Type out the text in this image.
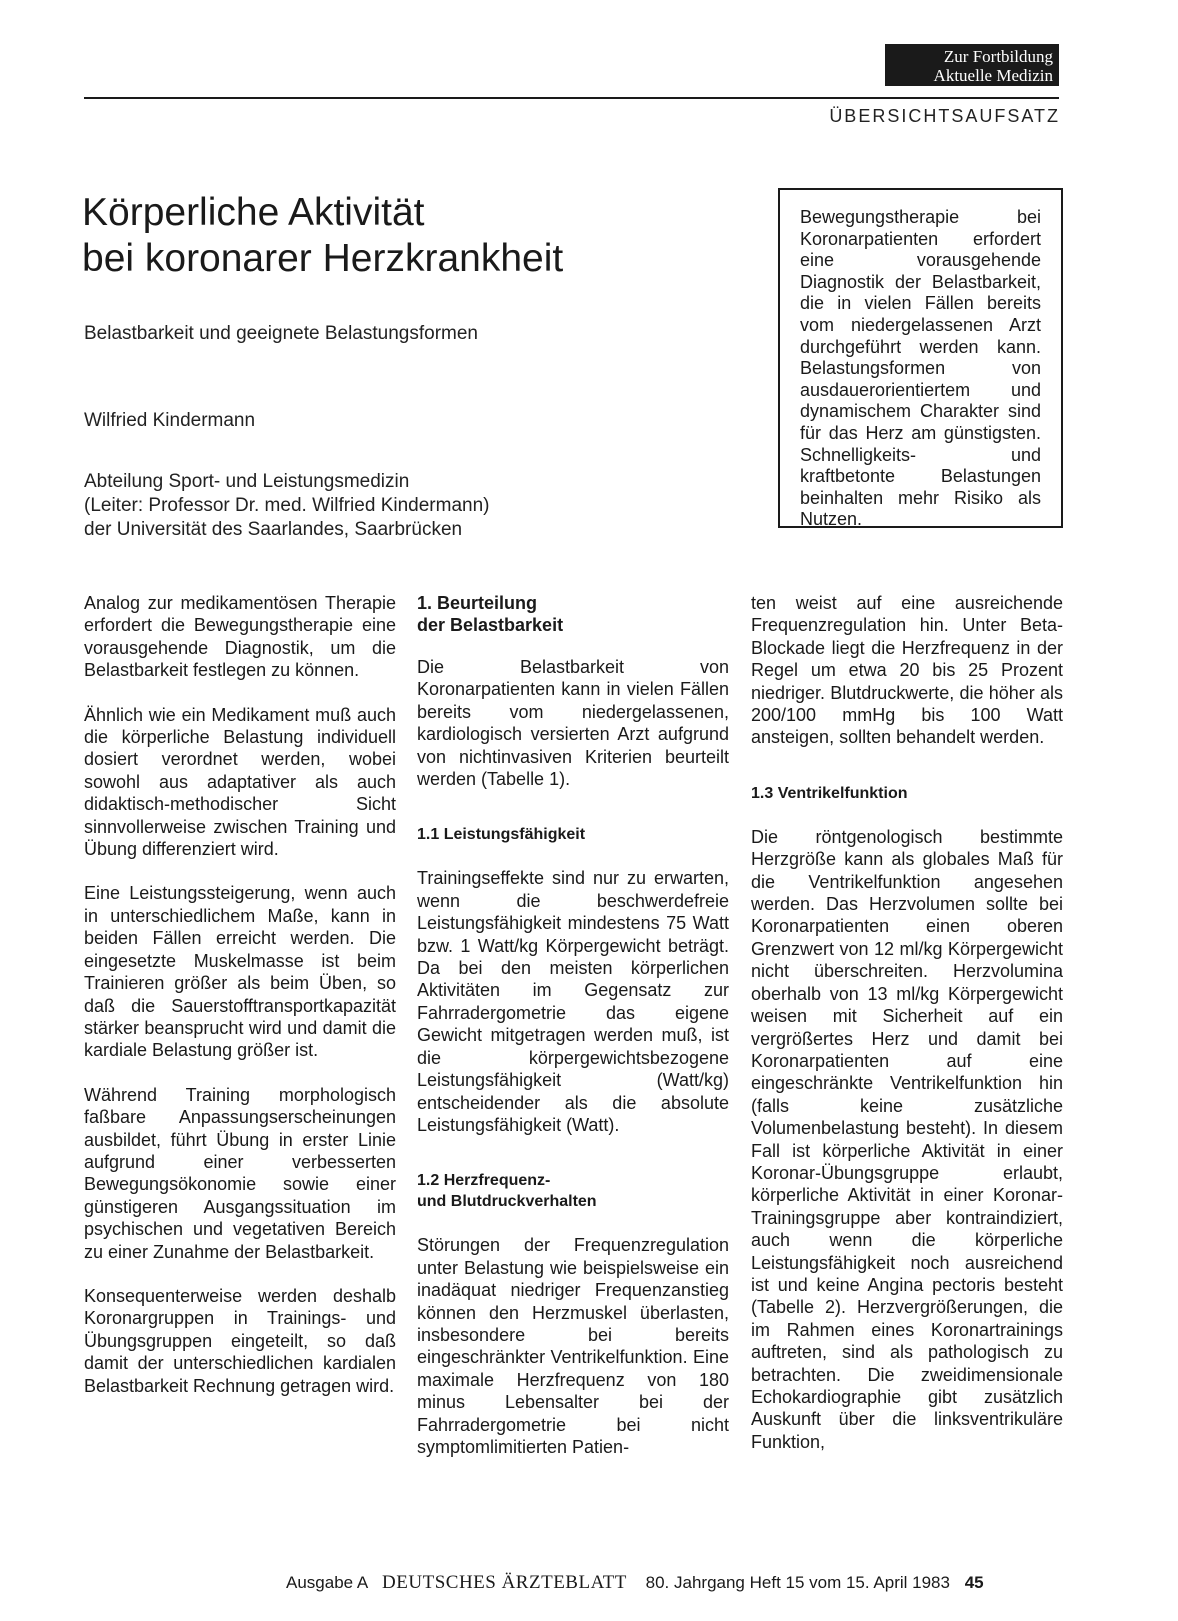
Zur Fortbildung
Aktuelle Medizin
ÜBERSICHTSAUFSATZ
Körperliche Aktivität
bei koronarer Herzkrankheit
Belastbarkeit und geeignete Belastungsformen
Wilfried Kindermann
Abteilung Sport- und Leistungsmedizin
(Leiter: Professor Dr. med. Wilfried Kindermann)
der Universität des Saarlandes, Saarbrücken
Bewegungstherapie bei Koronarpatienten erfordert eine vorausgehende Diagnostik der Belastbarkeit, die in vielen Fällen bereits vom niedergelassenen Arzt durchgeführt werden kann. Belastungsformen von ausdauerorientiertem und dynamischem Charakter sind für das Herz am günstigsten. Schnelligkeits- und kraftbetonte Belastungen beinhalten mehr Risiko als Nutzen.

Analog zur medikamentösen Therapie erfordert die Bewegungstherapie eine vorausgehende Diagnostik, um die Belastbarkeit festlegen zu können.

Ähnlich wie ein Medikament muß auch die körperliche Belastung individuell dosiert verordnet werden, wobei sowohl aus adaptativer als auch didaktisch-methodischer Sicht sinnvollerweise zwischen Training und Übung differenziert wird.

Eine Leistungssteigerung, wenn auch in unterschiedlichem Maße, kann in beiden Fällen erreicht werden. Die eingesetzte Muskelmasse ist beim Trainieren größer als beim Üben, so daß die Sauerstofftransportkapazität stärker beansprucht wird und damit die kardiale Belastung größer ist.

Während Training morphologisch faßbare Anpassungserscheinungen ausbildet, führt Übung in erster Linie aufgrund einer verbesserten Bewegungsökonomie sowie einer günstigeren Ausgangssituation im psychischen und vegetativen Bereich zu einer Zunahme der Belastbarkeit.

Konsequenterweise werden deshalb Koronargruppen in Trainings- und Übungsgruppen eingeteilt, so daß damit der unterschiedlichen kardialen Belastbarkeit Rechnung getragen wird.

1. Beurteilung
der Belastbarkeit

Die Belastbarkeit von Koronarpatienten kann in vielen Fällen bereits vom niedergelassenen, kardiologisch versierten Arzt aufgrund von nichtinvasiven Kriterien beurteilt werden (Tabelle 1).

1.1 Leistungsfähigkeit

Trainingseffekte sind nur zu erwarten, wenn die beschwerdefreie Leistungsfähigkeit mindestens 75 Watt bzw. 1 Watt/kg Körpergewicht beträgt. Da bei den meisten körperlichen Aktivitäten im Gegensatz zur Fahrradergometrie das eigene Gewicht mitgetragen werden muß, ist die körpergewichtsbezogene Leistungsfähigkeit (Watt/kg) entscheidender als die absolute Leistungsfähigkeit (Watt).

1.2 Herzfrequenz-
und Blutdruckverhalten

Störungen der Frequenzregulation unter Belastung wie beispielsweise ein inadäquat niedriger Frequenzanstieg können den Herzmuskel überlasten, insbesondere bei bereits eingeschränkter Ventrikelfunktion. Eine maximale Herzfrequenz von 180 minus Lebensalter bei der Fahrradergometrie bei nicht symptomlimitierten Patien-

ten weist auf eine ausreichende Frequenzregulation hin. Unter Beta-Blockade liegt die Herzfrequenz in der Regel um etwa 20 bis 25 Prozent niedriger. Blutdruckwerte, die höher als 200/100 mmHg bis 100 Watt ansteigen, sollten behandelt werden.

1.3 Ventrikelfunktion

Die röntgenologisch bestimmte Herzgröße kann als globales Maß für die Ventrikelfunktion angesehen werden. Das Herzvolumen sollte bei Koronarpatienten einen oberen Grenzwert von 12 ml/kg Körpergewicht nicht überschreiten. Herzvolumina oberhalb von 13 ml/kg Körpergewicht weisen mit Sicherheit auf ein vergrößertes Herz und damit bei Koronarpatienten auf eine eingeschränkte Ventrikelfunktion hin (falls keine zusätzliche Volumenbelastung besteht). In diesem Fall ist körperliche Aktivität in einer Koronar-Übungsgruppe erlaubt, körperliche Aktivität in einer Koronar-Trainingsgruppe aber kontraindiziert, auch wenn die körperliche Leistungsfähigkeit noch ausreichend ist und keine Angina pectoris besteht (Tabelle 2). Herzvergrößerungen, die im Rahmen eines Koronartrainings auftreten, sind als pathologisch zu betrachten. Die zweidimensionale Echokardiographie gibt zusätzlich Auskunft über die linksventrikuläre Funktion,

Ausgabe A DEUTSCHES ÄRZTEBLATT 80. Jahrgang Heft 15 vom 15. April 1983 45
